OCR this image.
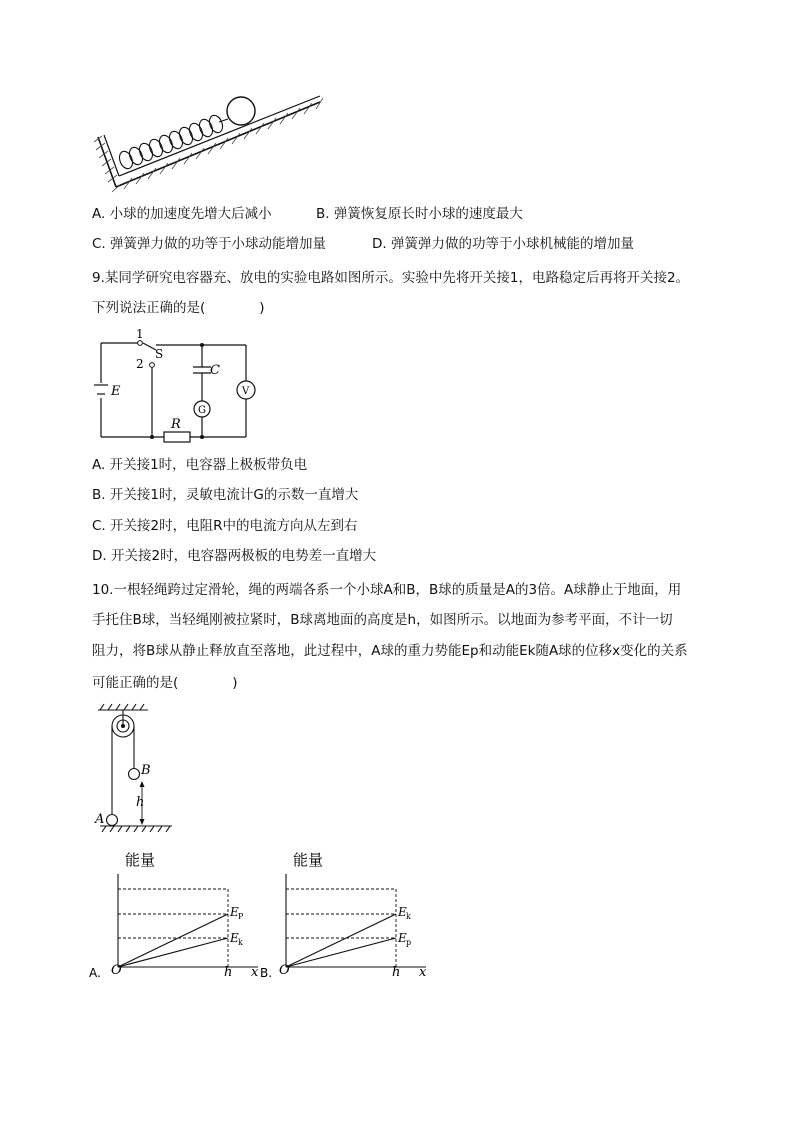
A. 小球的加速度先增大后减小	B. 弹簧恢复原长时小球的速度最大
C. 弹簧弹力做的功等于小球动能增加量	D. 弹簧弹力做的功等于小球机械能的增加量
9.某同学研究电容器充、放电的实验电路如图所示。实验中先将开关接1，电路稳定后再将开关接2。
下列说法正确的是(　　　　)
1
2
S
C
G
V
E
R
A. 开关接1时，电容器上极板带负电
B. 开关接1时，灵敏电流计G的示数一直增大
C. 开关接2时，电阻R中的电流方向从左到右
D. 开关接2时，电容器两极板的电势差一直增大
10.一根轻绳跨过定滑轮，绳的两端各系一个小球A和B，B球的质量是A的3倍。A球静止于地面，用
手托住B球，当轻绳刚被拉紧时，B球离地面的高度是h，如图所示。以地面为参考平面，不计一切
阻力，将B球从静止释放直至落地，此过程中，A球的重力势能Ep和动能Ek随A球的位移x变化的关系
可能正确的是(　　　　)
B
A
h
能量
E P
E k
A. O	h x
能量
E k
E p
B. O	h x
